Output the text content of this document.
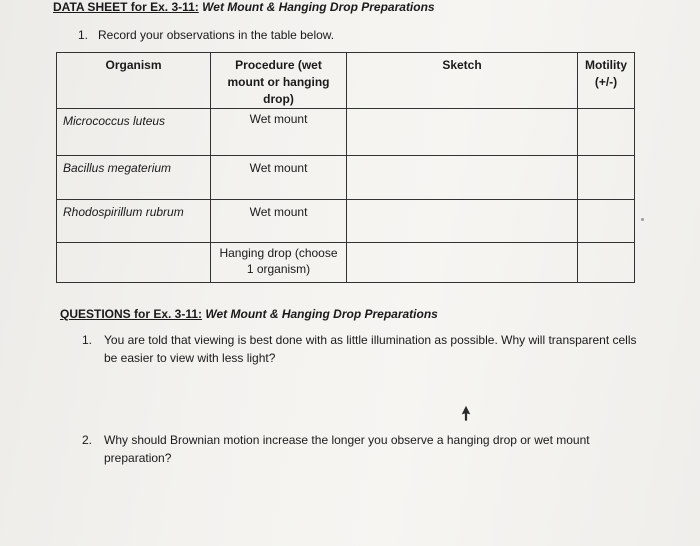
DATA SHEET for Ex. 3-11: Wet Mount & Hanging Drop Preparations
1. Record your observations in the table below.
Organism	Procedure (wet mount or hanging drop)	Sketch	Motility (+/-)

Micrococcus luteus	Wet mount		

Bacillus megaterium	Wet mount		

Rhodospirillum rubrum	Wet mount		

	Hanging drop (choose 1 organism)		

QUESTIONS for Ex. 3-11: Wet Mount & Hanging Drop Preparations
1. You are told that viewing is best done with as little illumination as possible. Why will transparent cells be easier to view with less light?
2. Why should Brownian motion increase the longer you observe a hanging drop or wet mount preparation?
